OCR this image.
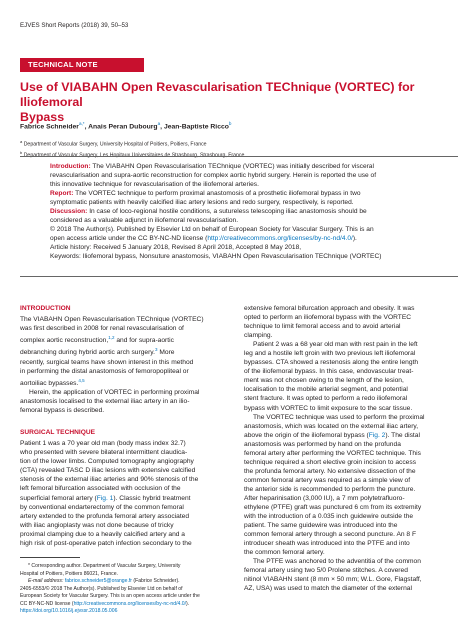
EJVES Short Reports (2018) 39, 50–53
TECHNICAL NOTE
Use of VIABAHN Open Revascularisation TEChnique (VORTEC) for Iliofemoral
Bypass
Fabrice Schneider$^{a,*}$, Anais Peran Dubourg$^a$, Jean-Baptiste Ricco$^b$
$^a$ Department of Vascular Surgery, University Hospital of Poitiers, Poitiers, France
$^b$ Department of Vascular Surgery, Les Hopitaux Universitaires de Strasbourg, Strasbourg, France
Introduction: The VIABAHN Open Revascularisation TEChnique (VORTEC) was initially described for visceral
revascularisation and supra-aortic reconstruction for complex aortic hybrid surgery. Herein is reported the use of
this innovative technique for revascularisation of the iliofemoral arteries.
Report: The VORTEC technique to perform proximal anastomosis of a prosthetic iliofemoral bypass in two
symptomatic patients with heavily calcified iliac artery lesions and redo surgery, respectively, is reported.
Discussion: In case of loco-regional hostile conditions, a sutureless telescoping iliac anastomosis should be
considered as a valuable adjunct in iliofemoral revascularisation.
© 2018 The Author(s). Published by Elsevier Ltd on behalf of European Society for Vascular Surgery. This is an
open access article under the CC BY-NC-ND license (http://creativecommons.org/licenses/by-nc-nd/4.0/).
Article history: Received 5 January 2018, Revised 8 April 2018, Accepted 8 May 2018,
Keywords: Iliofemoral bypass, Nonsuture anastomosis, VIABAHN Open Revascularisation TEChnique (VORTEC)
INTRODUCTION
The VIABAHN Open Revascularisation TEChnique (VORTEC)
was first described in 2008 for renal revascularisation of
complex aortic reconstruction,$^{1,2}$ and for supra-aortic
debranching during hybrid aortic arch surgery.$^3$ More
recently, surgical teams have shown interest in this method
in performing the distal anastomosis of femoropopliteal or
aortoiliac bypasses.$^{4,5}$
Herein, the application of VORTEC in performing proximal
anastomosis localised to the external iliac artery in an ilio-
femoral bypass is described.
SURGICAL TECHNIQUE
Patient 1 was a 70 year old man (body mass index 32.7)
who presented with severe bilateral intermittent claudica-
tion of the lower limbs. Computed tomography angiography
(CTA) revealed TASC D iliac lesions with extensive calcified
stenosis of the external iliac arteries and 90% stenosis of the
left femoral bifurcation associated with occlusion of the
superficial femoral artery (Fig. 1). Classic hybrid treatment
by conventional endarterectomy of the common femoral
artery extended to the profunda femoral artery associated
with iliac angioplasty was not done because of tricky
proximal clamping due to a heavily calcified artery and a
high risk of post-operative patch infection secondary to the
extensive femoral bifurcation approach and obesity. It was
opted to perform an iliofemoral bypass with the VORTEC
technique to limit femoral access and to avoid arterial
clamping.
Patient 2 was a 68 year old man with rest pain in the left
leg and a hostile left groin with two previous left iliofemoral
bypasses. CTA showed a restenosis along the entire length
of the iliofemoral bypass. In this case, endovascular treat-
ment was not chosen owing to the length of the lesion,
localisation to the mobile arterial segment, and potential
stent fracture. It was opted to perform a redo iliofemoral
bypass with VORTEC to limit exposure to the scar tissue.
The VORTEC technique was used to perform the proximal
anastomosis, which was located on the external iliac artery,
above the origin of the iliofemoral bypass (Fig. 2). The distal
anastomosis was performed by hand on the profunda
femoral artery after performing the VORTEC technique. This
technique required a short elective groin incision to access
the profunda femoral artery. No extensive dissection of the
common femoral artery was required as a simple view of
the anterior side is recommended to perform the puncture.
After heparinisation (3,000 IU), a 7 mm polytetrafluoro-
ethylene (PTFE) graft was punctured 6 cm from its extremity
with the introduction of a 0.035 inch guidewire outside the
patient. The same guidewire was introduced into the
common femoral artery through a second puncture. An 8 F
introducer sheath was introduced into the PTFE and into
the common femoral artery.
The PTFE was anchored to the adventitia of the common
femoral artery using two 5/0 Prolene stitches. A covered
nitinol VIABAHN stent (8 mm × 50 mm; W.L. Gore, Flagstaff,
AZ, USA) was used to match the diameter of the external
* Corresponding author. Department of Vascular Surgery, University
Hospital of Poitiers, Poitiers 86021, France.
E-mail address: fabrice.schneider5@orange.fr (Fabrice Schneider).
2405-6553/© 2018 The Author(s). Published by Elsevier Ltd on behalf of
European Society for Vascular Surgery. This is an open access article under the
CC BY-NC-ND license (http://creativecommons.org/licenses/by-nc-nd/4.0/).
https://doi.org/10.1016/j.ejvssr.2018.05.006
